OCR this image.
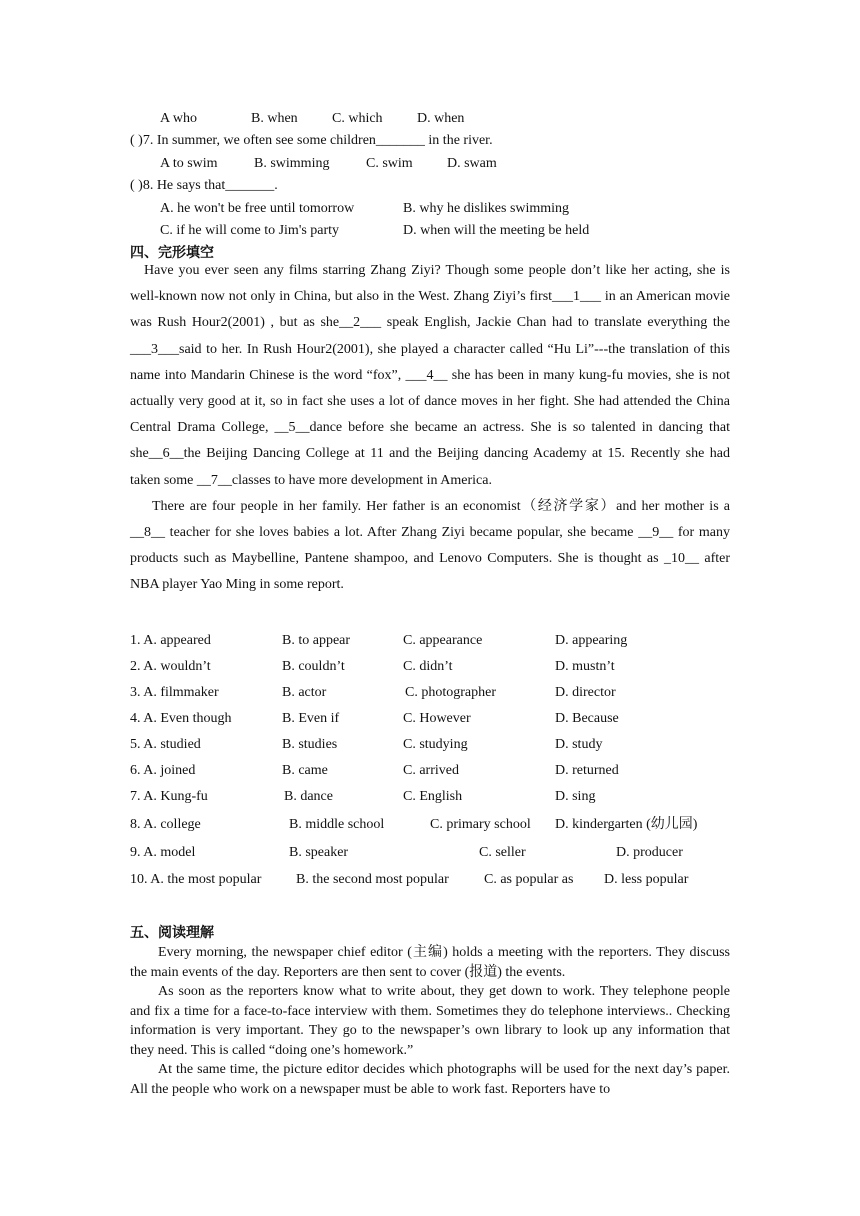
A who	B. when C. which D. when
( )7. In summer, we often see some children_______ in the river.
A to swim	B. swimming	C. swim D. swam
( )8. He says that_______.
A. he won't be free until tomorrow	B. why he dislikes swimming
C. if he will come to Jim's party	D. when will the meeting be held
四、完形填空

Have you ever seen any films starring Zhang Ziyi? Though some people don’t like her acting, she is well-known now not only in China, but also in the West. Zhang Ziyi’s first___1___ in an American movie was Rush Hour2(2001) , but as she__2___ speak English, Jackie Chan had to translate everything the ___3___said to her. In Rush Hour2(2001), she played a character called “Hu Li”---the translation of this name into Mandarin Chinese is the word “fox”, ___4__ she has been in many kung-fu movies, she is not actually very good at it, so in fact she uses a lot of dance moves in her fight. She had attended the China Central Drama College, __5__dance before she became an actress. She is so talented in dancing that she__6__the Beijing Dancing College at 11 and the Beijing dancing Academy at 15. Recently she had taken some __7__classes to have more development in America.

There are four people in her family. Her father is an economist（经济学家）and her mother is a __8__ teacher for she loves babies a lot. After Zhang Ziyi became popular, she became __9__ for many products such as Maybelline, Pantene shampoo, and Lenovo Computers. She is thought as _10__ after NBA player Yao Ming in some report.

1. A. appeared	B. to appear	C. appearance	D. appearing
2. A. wouldn’t	B. couldn’t	C. didn’t	D. mustn’t
3. A. filmmaker	B. actor	C. photographer	D. director
4. A. Even though	B. Even if	C. However	D. Because
5. A. studied	B. studies	C. studying	D. study
6. A. joined	B. came	C. arrived	D. returned
7. A. Kung-fu	B. dance	C. English	D. sing
8. A. college	B. middle school	C. primary school D. kindergarten (幼儿园)
9. A. model	B. speaker	C. seller	D. producer
10. A. the most popular B. the second most popular	C. as popular as D. less popular
五、阅读理解

Every morning, the newspaper chief editor (主编) holds a meeting with the reporters. They discuss the main events of the day. Reporters are then sent to cover (报道) the events.

As soon as the reporters know what to write about, they get down to work. They telephone people and fix a time for a face-to-face interview with them. Sometimes they do telephone interviews.. Checking information is very important. They go to the newspaper’s own library to look up any information that they need. This is called “doing one’s homework.”

At the same time, the picture editor decides which photographs will be used for the next day’s paper. All the people who work on a newspaper must be able to work fast. Reporters have to
